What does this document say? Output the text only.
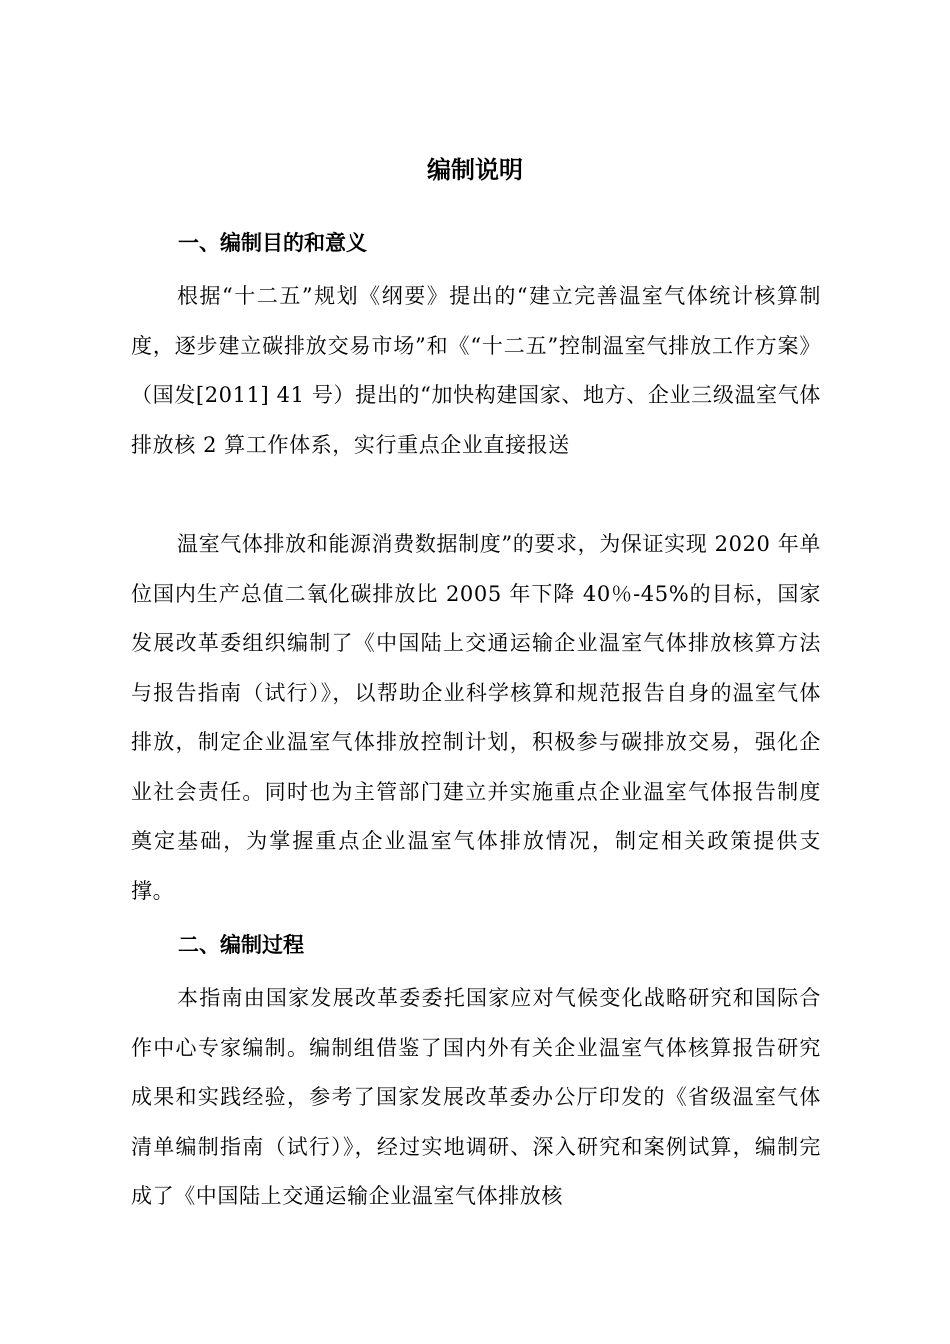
编制说明
一、编制目的和意义

根据“十二五”规划《纲要》提出的“建立完善温室气体统计核算制度，逐步建立碳排放交易市场”和《“十二五”控制温室气排放工作方案》（国发[2011] 41 号）提出的“加快构建国家、地方、企业三级温室气体排放核 2 算工作体系，实行重点企业直接报送

温室气体排放和能源消费数据制度”的要求，为保证实现 2020 年单位国内生产总值二氧化碳排放比 2005 年下降 40％-45%的目标，国家发展改革委组织编制了《中国陆上交通运输企业温室气体排放核算方法与报告指南（试行）》，以帮助企业科学核算和规范报告自身的温室气体排放，制定企业温室气体排放控制计划，积极参与碳排放交易，强化企业社会责任。同时也为主管部门建立并实施重点企业温室气体报告制度奠定基础，为掌握重点企业温室气体排放情况，制定相关政策提供支撑。

二、编制过程

本指南由国家发展改革委委托国家应对气候变化战略研究和国际合作中心专家编制。编制组借鉴了国内外有关企业温室气体核算报告研究成果和实践经验，参考了国家发展改革委办公厅印发的《省级温室气体清单编制指南（试行）》，经过实地调研、深入研究和案例试算，编制完成了《中国陆上交通运输企业温室气体排放核
